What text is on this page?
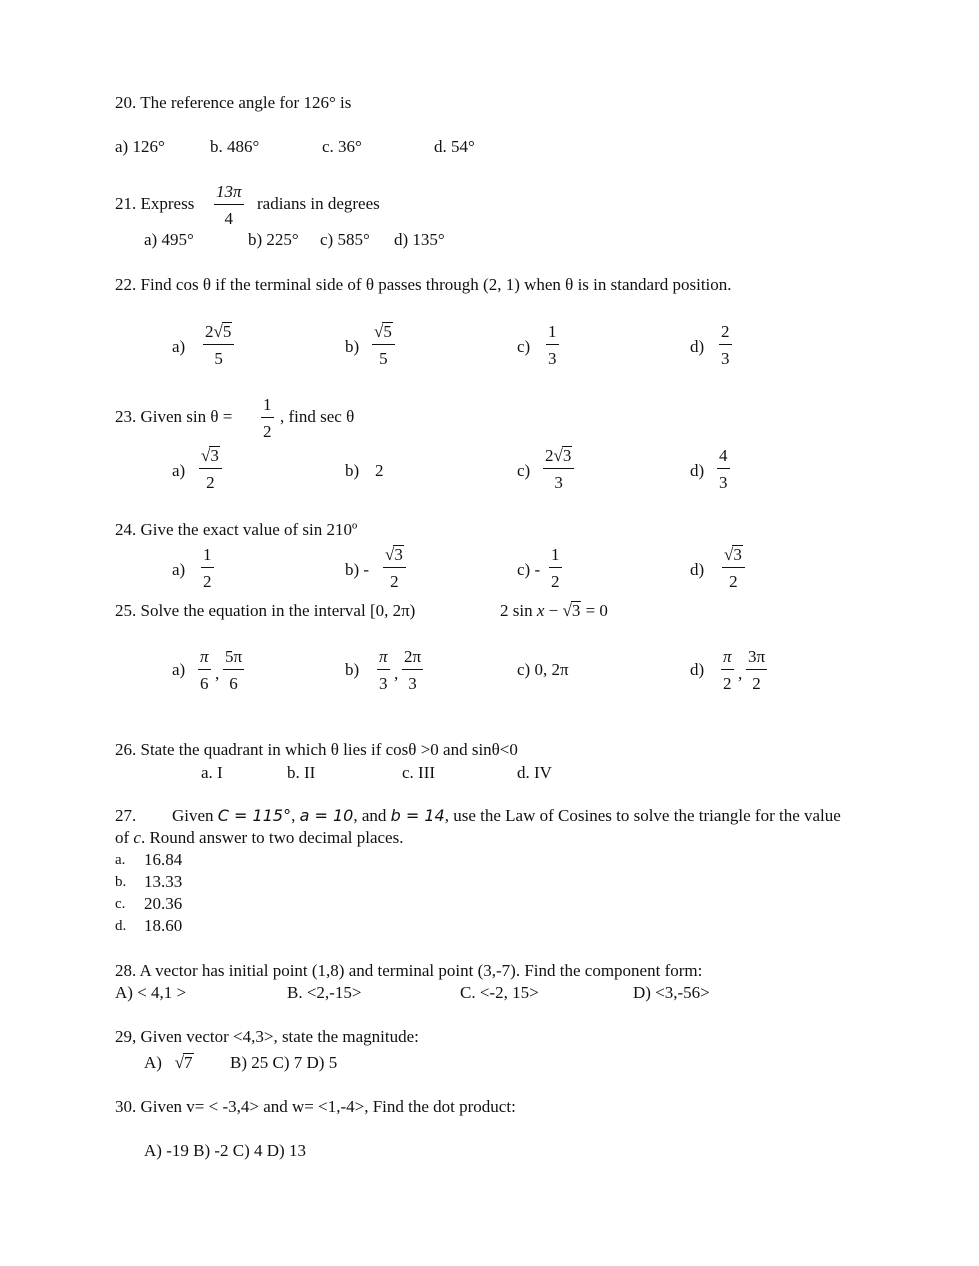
20. The reference angle for 126° is
a) 126°	b. 486°	c. 36°	d. 54°
21. Express $\frac{13\pi}{4}$ radians in degrees
a) 495°	b) 225° c) 585° d) 135°
22. Find cos θ if the terminal side of θ passes through (2, 1) when θ is in standard position.
$a) \frac{2√5}{5}$	$b) \frac{√5}{5}$	$c) \frac{1}{3}$	$d) \frac{2}{3}$
23. Given $\sin \theta = \frac{1}{2}$ , find sec θ
$a) \frac{√3}{2}$	b) 2	$c) \frac{2√3}{3}$	$d) \frac{4}{3}$
24. Give the exact value of sin 210º
$a) \frac{1}{2}$	$b) - \frac{√3}{2}$	$c) - \frac{1}{2}$	$d) \frac{√3}{2}$
25. Solve the equation in the interval [0, 2π)	2 sin x − √3 = 0
$a) \frac{\pi}{6}$ , $\frac{5\pi}{6}$	$b) \frac{\pi}{3}$ , $\frac{2\pi}{3}$	c) 0, 2π	$d) \frac{\pi}{2}$ , $\frac{3\pi}{2}$
26. State the quadrant in which θ lies if cosθ >0 and sinθ<0
a. I	b. II	c. III	d. IV
27. Given C = 115°, a = 10, and b = 14, use the Law of Cosines to solve the triangle for the value
of c. Round answer to two decimal places.
a. 16.84
b. 13.33
c. 20.36
d. 18.60
28. A vector has initial point (1,8) and terminal point (3,-7). Find the component form:
A) < 4,1 >	B. <2,-15>	C. <-2, 15>	D) <3,-56>
29, Given vector <4,3>, state the magnitude:
A) √7 B) 25 C) 7 D) 5
30. Given v= < -3,4> and w= <1,-4>, Find the dot product:
A) -19 B) -2 C) 4 D) 13
